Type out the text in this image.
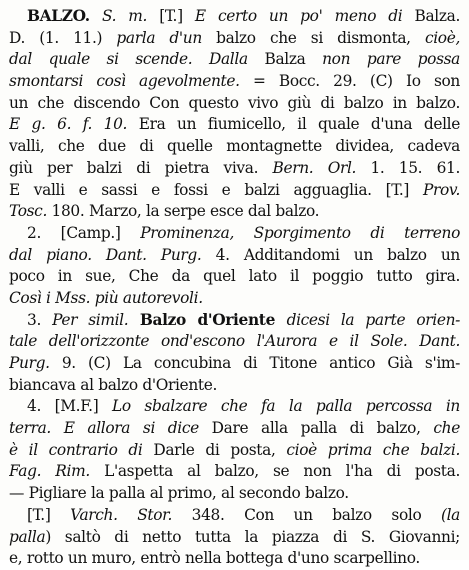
BALZO. S. m. [T.] E certo un po' meno di Balza.
D. (1. 11.) parla d'un balzo che si dismonta, cioè,
dal quale si scende. Dalla Balza non pare possa
smontarsi così agevolmente. = Bocc. 29. (C) Io son
un che discendo Con questo vivo giù di balzo in balzo.
E g. 6. f. 10. Era un fiumicello, il quale d'una delle
valli, che due di quelle montagnette dividea, cadeva
giù per balzi di pietra viva. Bern. Orl. 1. 15. 61.
E valli e sassi e fossi e balzi agguaglia. [T.] Prov.
Tosc. 180. Marzo, la serpe esce dal balzo.
2. [Camp.] Prominenza, Sporgimento di terreno
dal piano. Dant. Purg. 4. Additandomi un balzo un
poco in sue, Che da quel lato il poggio tutto gira.
Così i Mss. più autorevoli.
3. Per simil. Balzo d'Oriente dicesi la parte orien-
tale dell'orizzonte ond'escono l'Aurora e il Sole. Dant.
Purg. 9. (C) La concubina di Titone antico Già s'im-
biancava al balzo d'Oriente.
4. [M.F.] Lo sbalzare che fa la palla percossa in
terra. E allora si dice Dare alla palla di balzo, che
è il contrario di Darle di posta, cioè prima che balzi.
Fag. Rim. L'aspetta al balzo, se non l'ha di posta.
— Pigliare la palla al primo, al secondo balzo.
[T.] Varch. Stor. 348. Con un balzo solo (la
palla) saltò di netto tutta la piazza di S. Giovanni;
e, rotto un muro, entrò nella bottega d'uno scarpellino.
